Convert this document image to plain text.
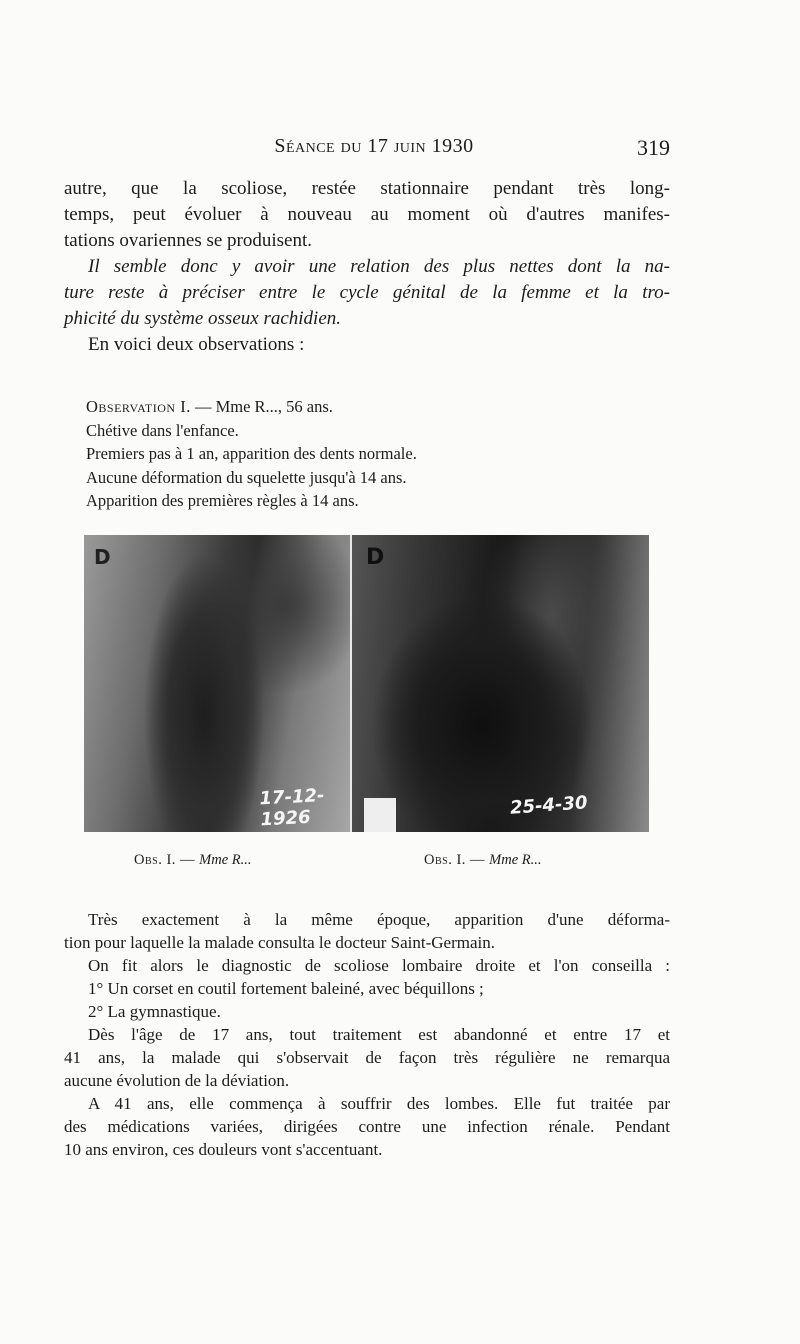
Séance du 17 juin 1930	319

autre, que la scoliose, restée stationnaire pendant très long-
temps, peut évoluer à nouveau au moment où d'autres manifes-
tations ovariennes se produisent.

Il semble donc y avoir une relation des plus nettes dont la na-
ture reste à préciser entre le cycle génital de la femme et la tro-
phicité du système osseux rachidien.

En voici deux observations :

Observation I. — Mme R..., 56 ans.
Chétive dans l'enfance.
Premiers pas à 1 an, apparition des dents normale.
Aucune déformation du squelette jusqu'à 14 ans.
Apparition des premières règles à 14 ans.
D
17-12-1926
D
25-4-30
Obs. I. — Mme R...	Obs. I. — Mme R...

Très exactement à la même époque, apparition d'une déforma-
tion pour laquelle la malade consulta le docteur Saint-Germain.

On fit alors le diagnostic de scoliose lombaire droite et l'on conseilla :
1° Un corset en coutil fortement baleiné, avec béquillons ;
2° La gymnastique.

Dès l'âge de 17 ans, tout traitement est abandonné et entre 17 et
41 ans, la malade qui s'observait de façon très régulière ne remarqua
aucune évolution de la déviation.

A 41 ans, elle commença à souffrir des lombes. Elle fut traitée par
des médications variées, dirigées contre une infection rénale. Pendant
10 ans environ, ces douleurs vont s'accentuant.
